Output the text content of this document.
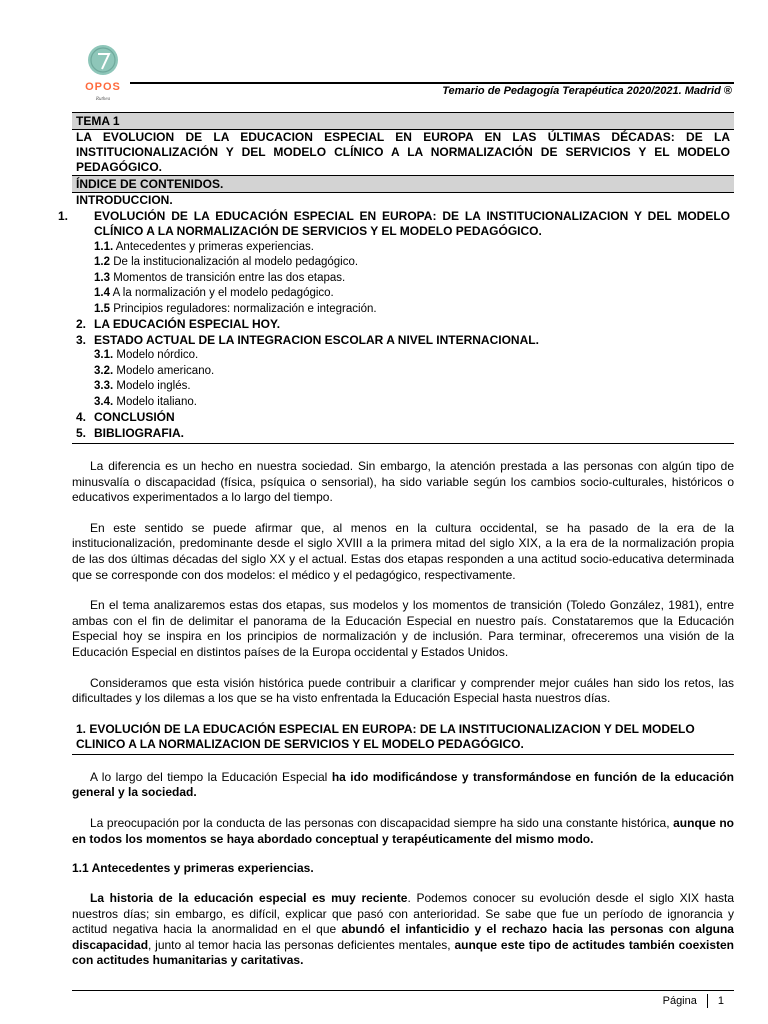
OPOS
Ruthea
Temario de Pedagogía Terapéutica 2020/2021. Madrid ®
TEMA 1
LA EVOLUCION DE LA EDUCACION ESPECIAL EN EUROPA EN LAS ÚLTIMAS DÉCADAS: DE LA INSTITUCIONALIZACIÓN Y DEL MODELO CLÍNICO A LA NORMALIZACIÓN DE SERVICIOS Y EL MODELO PEDAGÓGICO.
ÍNDICE DE CONTENIDOS.
INTRODUCCION.
1. EVOLUCIÓN DE LA EDUCACIÓN ESPECIAL EN EUROPA: DE LA INSTITUCIONALIZACION Y DEL MODELO CLÍNICO A LA NORMALIZACIÓN DE SERVICIOS Y EL MODELO PEDAGÓGICO.
1.1. Antecedentes y primeras experiencias.
1.2 De la institucionalización al modelo pedagógico.
1.3 Momentos de transición entre las dos etapas.
1.4 A la normalización y el modelo pedagógico.
1.5 Principios reguladores: normalización e integración.
2. LA EDUCACIÓN ESPECIAL HOY.
3. ESTADO ACTUAL DE LA INTEGRACION ESCOLAR A NIVEL INTERNACIONAL.
3.1. Modelo nórdico.
3.2. Modelo americano.
3.3. Modelo inglés.
3.4. Modelo italiano.
4. CONCLUSIÓN
5. BIBLIOGRAFIA.

La diferencia es un hecho en nuestra sociedad. Sin embargo, la atención prestada a las personas con algún tipo de minusvalía o discapacidad (física, psíquica o sensorial), ha sido variable según los cambios socio-culturales, históricos o educativos experimentados a lo largo del tiempo.

En este sentido se puede afirmar que, al menos en la cultura occidental, se ha pasado de la era de la institucionalización, predominante desde el siglo XVIII a la primera mitad del siglo XIX, a la era de la normalización propia de las dos últimas décadas del siglo XX y el actual. Estas dos etapas responden a una actitud socio-educativa determinada que se corresponde con dos modelos: el médico y el pedagógico, respectivamente.

En el tema analizaremos estas dos etapas, sus modelos y los momentos de transición (Toledo González, 1981), entre ambas con el fin de delimitar el panorama de la Educación Especial en nuestro país. Constataremos que la Educación Especial hoy se inspira en los principios de normalización y de inclusión. Para terminar, ofreceremos una visión de la Educación Especial en distintos países de la Europa occidental y Estados Unidos.

Consideramos que esta visión histórica puede contribuir a clarificar y comprender mejor cuáles han sido los retos, las dificultades y los dilemas a los que se ha visto enfrentada la Educación Especial hasta nuestros días.

1. EVOLUCIÓN DE LA EDUCACIÓN ESPECIAL EN EUROPA: DE LA INSTITUCIONALIZACION Y DEL MODELO
CLINICO A LA NORMALIZACION DE SERVICIOS Y EL MODELO PEDAGÓGICO.

A lo largo del tiempo la Educación Especial ha ido modificándose y transformándose en función de la educación general y la sociedad.

La preocupación por la conducta de las personas con discapacidad siempre ha sido una constante histórica, aunque no en todos los momentos se haya abordado conceptual y terapéuticamente del mismo modo.

1.1 Antecedentes y primeras experiencias.

La historia de la educación especial es muy reciente. Podemos conocer su evolución desde el siglo XIX hasta nuestros días; sin embargo, es difícil, explicar que pasó con anterioridad. Se sabe que fue un período de ignorancia y actitud negativa hacia la anormalidad en el que abundó el infanticidio y el rechazo hacia las personas con alguna discapacidad, junto al temor hacia las personas deficientes mentales, aunque este tipo de actitudes también coexisten con actitudes humanitarias y caritativas.

Página 1
